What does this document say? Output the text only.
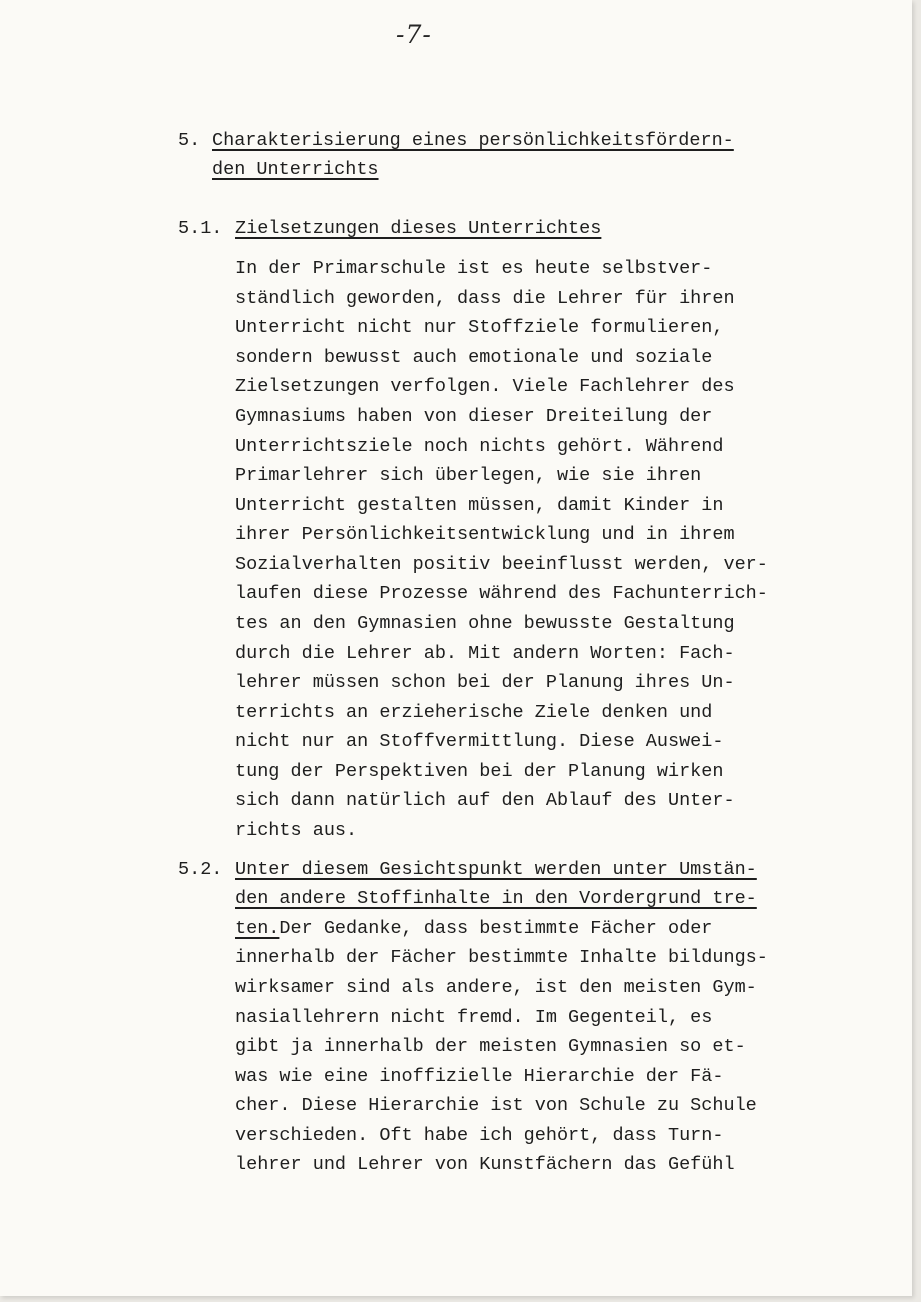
-7-
5. Charakterisierung eines persönlichkeitsfördern-
den Unterrichts
5.1. Zielsetzungen dieses Unterrichtes
In der Primarschule ist es heute selbstver-
ständlich geworden, dass die Lehrer für ihren
Unterricht nicht nur Stoffziele formulieren,
sondern bewusst auch emotionale und soziale
Zielsetzungen verfolgen. Viele Fachlehrer des
Gymnasiums haben von dieser Dreiteilung der
Unterrichtsziele noch nichts gehört. Während
Primarlehrer sich überlegen, wie sie ihren
Unterricht gestalten müssen, damit Kinder in
ihrer Persönlichkeitsentwicklung und in ihrem
Sozialverhalten positiv beeinflusst werden, ver-
laufen diese Prozesse während des Fachunterrich-
tes an den Gymnasien ohne bewusste Gestaltung
durch die Lehrer ab. Mit andern Worten: Fach-
lehrer müssen schon bei der Planung ihres Un-
terrichts an erzieherische Ziele denken und
nicht nur an Stoffvermittlung. Diese Auswei-
tung der Perspektiven bei der Planung wirken
sich dann natürlich auf den Ablauf des Unter-
richts aus.
5.2. Unter diesem Gesichtspunkt werden unter Umstän-
den andere Stoffinhalte in den Vordergrund tre-
ten.Der Gedanke, dass bestimmte Fächer oder
innerhalb der Fächer bestimmte Inhalte bildungs-
wirksamer sind als andere, ist den meisten Gym-
nasiallehrern nicht fremd. Im Gegenteil, es
gibt ja innerhalb der meisten Gymnasien so et-
was wie eine inoffizielle Hierarchie der Fä-
cher. Diese Hierarchie ist von Schule zu Schule
verschieden. Oft habe ich gehört, dass Turn-
lehrer und Lehrer von Kunstfächern das Gefühl
